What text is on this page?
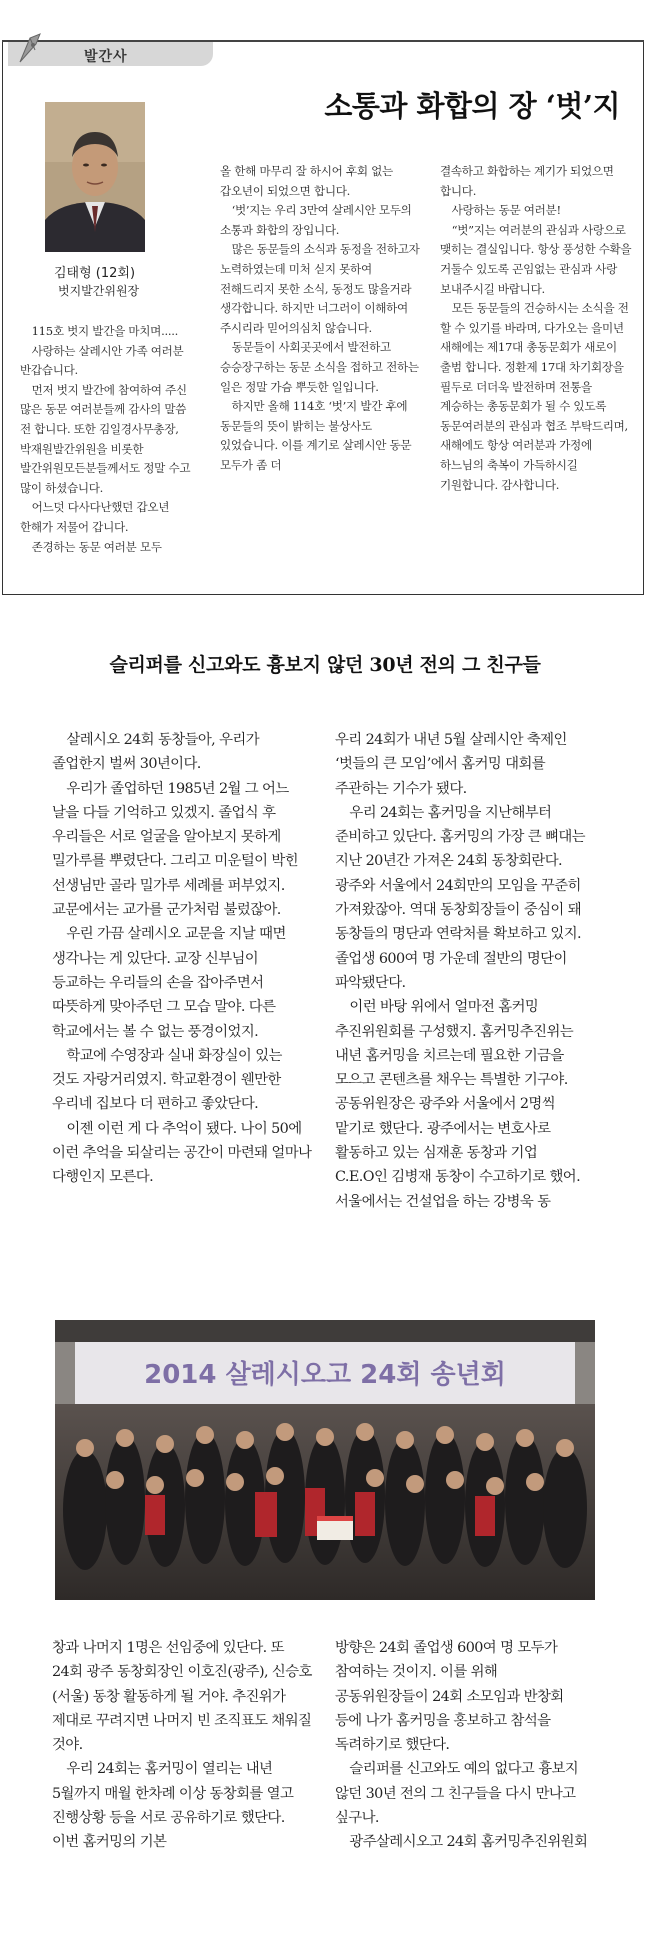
발간사
소통과 화합의 장 ‘벗’지
김태형 (12회)
벗지발간위원장

115호 벗지 발간을 마치며.....

사랑하는 살레시안 가족 여러분 반갑습니다.

먼저 벗지 발간에 참여하여 주신 많은 동문 여러분들께 감사의 말씀 전 합니다. 또한 김일경사무총장, 박재원발간위원을 비롯한 발간위원모든분들께서도 정말 수고 많이 하셨습니다.

어느덧 다사다난했던 갑오년 한해가 저물어 갑니다.

존경하는 동문 여러분 모두

올 한해 마무리 잘 하시어 후회 없는 갑오년이 되었으면 합니다.

‘벗’지는 우리 3만여 살레시안 모두의 소통과 화합의 장입니다.

많은 동문들의 소식과 동정을 전하고자 노력하였는데 미처 싣지 못하여 전해드리지 못한 소식, 동정도 많을거라 생각합니다. 하지만 너그러이 이해하여 주시리라 믿어의심치 않습니다.

동문들이 사회곳곳에서 발전하고 승승장구하는 동문 소식을 접하고 전하는 일은 정말 가슴 뿌듯한 일입니다.

하지만 올해 114호 ‘벗’지 발간 후에 동문들의 뜻이 밝히는 불상사도 있었습니다. 이를 계기로 살레시안 동문 모두가 좀 더

결속하고 화합하는 계기가 되었으면 합니다.

사랑하는 동문 여러분!

“벗”지는 여러분의 관심과 사랑으로 맺히는 결실입니다. 항상 풍성한 수확을 거둘수 있도록 곤임없는 관심과 사랑 보내주시길 바랍니다.

모든 동문들의 건승하시는 소식을 전 할 수 있기를 바라며, 다가오는 을미년 새해에는 제17대 총동문회가 새로이 출범 합니다. 정환제 17대 차기회장을 필두로 더더욱 발전하며 전통을 계승하는 총동문회가 될 수 있도록 동문여러분의 관심과 협조 부탁드리며, 새해에도 항상 여러분과 가정에 하느님의 축복이 가득하시길 기원합니다. 감사합니다.

슬리퍼를 신고와도 흉보지 않던 30년 전의 그 친구들

살레시오 24회 동창들아, 우리가 졸업한지 벌써 30년이다.

우리가 졸업하던 1985년 2월 그 어느 날을 다들 기억하고 있겠지. 졸업식 후 우리들은 서로 얼굴을 알아보지 못하게 밀가루를 뿌렸단다. 그리고 미운털이 박힌 선생님만 골라 밀가루 세례를 퍼부었지. 교문에서는 교가를 군가처럼 불렀잖아.

우린 가끔 살레시오 교문을 지날 때면 생각나는 게 있단다. 교장 신부님이 등교하는 우리들의 손을 잡아주면서 따뜻하게 맞아주던 그 모습 말야. 다른 학교에서는 볼 수 없는 풍경이었지.

학교에 수영장과 실내 화장실이 있는 것도 자랑거리였지. 학교환경이 웬만한 우리네 집보다 더 편하고 좋았단다.

이젠 이런 게 다 추억이 됐다. 나이 50에 이런 추억을 되살리는 공간이 마련돼 얼마나 다행인지 모른다.

우리 24회가 내년 5월 살레시안 축제인 ‘벗들의 큰 모임’에서 홈커밍 대회를 주관하는 기수가 됐다.

우리 24회는 홈커밍을 지난해부터 준비하고 있단다. 홈커밍의 가장 큰 뼈대는 지난 20년간 가져온 24회 동창회란다. 광주와 서울에서 24회만의 모임을 꾸준히 가져왔잖아. 역대 동창회장들이 중심이 돼 동창들의 명단과 연락처를 확보하고 있지. 졸업생 600여 명 가운데 절반의 명단이 파악됐단다.

이런 바탕 위에서 얼마전 홈커밍 추진위원회를 구성했지. 홈커밍추진위는 내년 홈커밍을 치르는데 필요한 기금을 모으고 콘텐츠를 채우는 특별한 기구야. 공동위원장은 광주와 서울에서 2명씩 맡기로 했단다. 광주에서는 변호사로 활동하고 있는 심재훈 동창과 기업 C.E.O인 김병재 동창이 수고하기로 했어. 서울에서는 건설업을 하는 강병욱 동

2014 살레시오고 24회 송년회

창과 나머지 1명은 선임중에 있단다. 또 24회 광주 동창회장인 이호진(광주), 신승호(서울) 동창 활동하게 될 거야. 추진위가 제대로 꾸려지면 나머지 빈 조직표도 채워질 것야.

우리 24회는 홈커밍이 열리는 내년 5월까지 매월 한차례 이상 동창회를 열고 진행상황 등을 서로 공유하기로 했단다. 이번 홈커밍의 기본

방향은 24회 졸업생 600여 명 모두가 참여하는 것이지. 이를 위해 공동위원장들이 24회 소모임과 반창회 등에 나가 홈커밍을 홍보하고 참석을 독려하기로 했단다.

슬리퍼를 신고와도 예의 없다고 흉보지 않던 30년 전의 그 친구들을 다시 만나고 싶구나.

광주살레시오고 24회 홈커밍추진위원회
